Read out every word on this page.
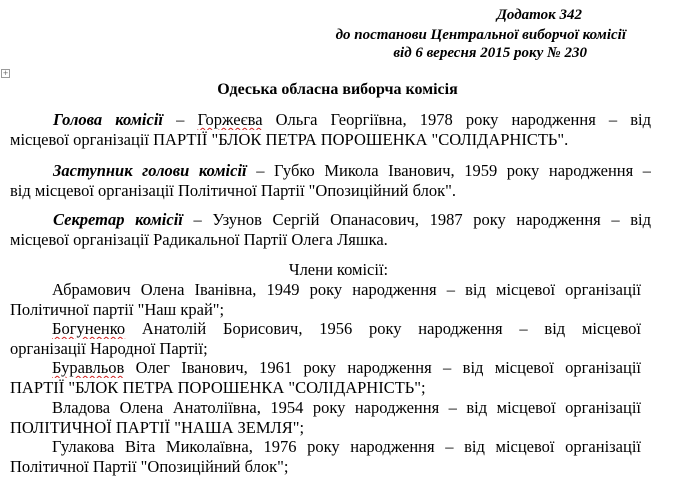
Додаток 342
до постанови Центральної виборчої комісії
від 6 вересня 2015 року № 230
+
Одеська обласна виборча комісія
Голова комісії – Горжеєва Ольга Георгіївна, 1978 року народження – від
місцевої організації ПАРТІЇ "БЛОК ПЕТРА ПОРОШЕНКА "СОЛІДАРНІСТЬ".
Заступник голови комісії – Губко Микола Іванович, 1959 року народження –
від місцевої організації Політичної Партії "Опозиційний блок".
Секретар комісії – Узунов Сергій Опанасович, 1987 року народження – від
місцевої організації Радикальної Партії Олега Ляшка.
Члени комісії:
Абрамович Олена Іванівна, 1949 року народження – від місцевої організації
Політичної партії "Наш край";
Богуненко Анатолій Борисович, 1956 року народження – від місцевої
організації Народної Партії;
Буравльов Олег Іванович, 1961 року народження – від місцевої організації
ПАРТІЇ "БЛОК ПЕТРА ПОРОШЕНКА "СОЛІДАРНІСТЬ";
Владова Олена Анатоліївна, 1954 року народження – від місцевої організації
ПОЛІТИЧНОЇ ПАРТІЇ "НАША ЗЕМЛЯ";
Гулакова Віта Миколаївна, 1976 року народження – від місцевої організації
Політичної Партії "Опозиційний блок";
